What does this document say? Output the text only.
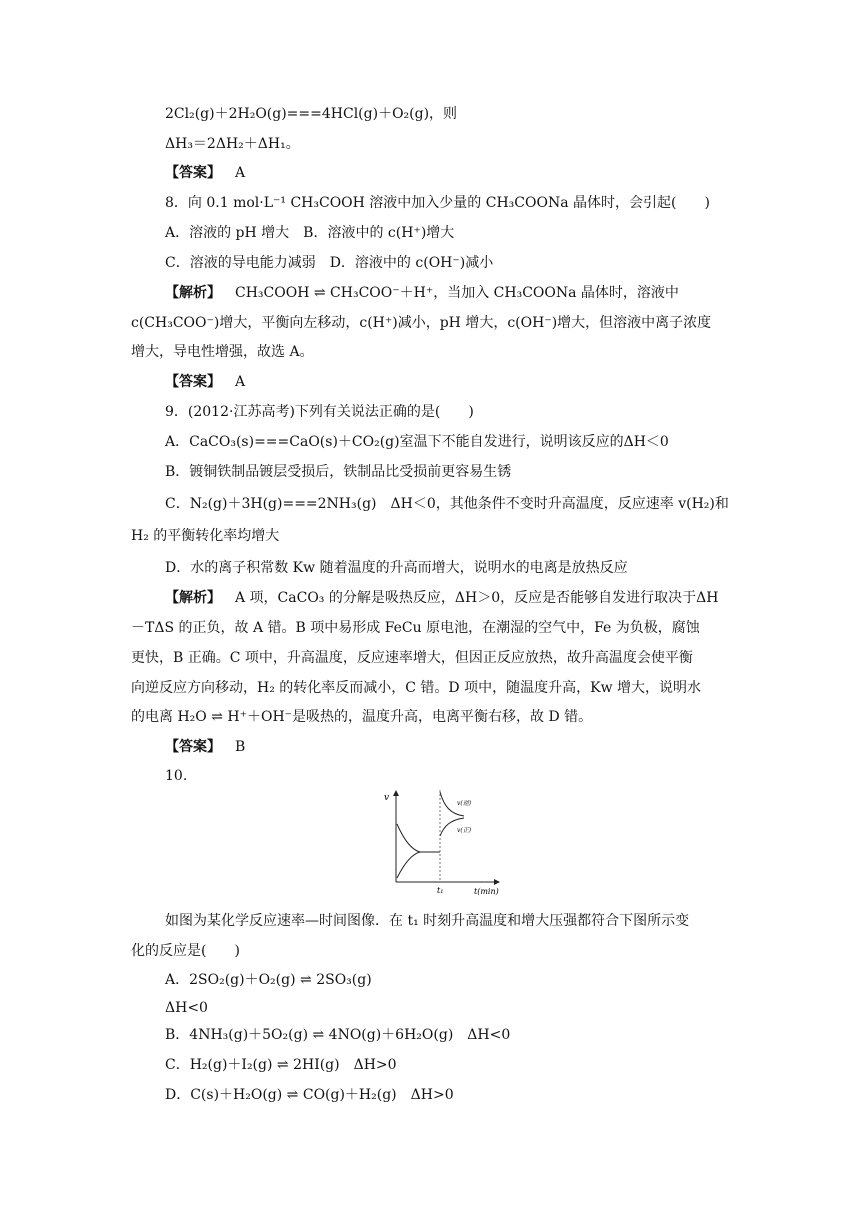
2Cl₂(g)＋2H₂O(g)===4HCl(g)＋O₂(g)，则
ΔH₃＝2ΔH₂＋ΔH₁。
【答案】 A
8．向 0.1 mol·L⁻¹ CH₃COOH 溶液中加入少量的 CH₃COONa 晶体时，会引起(　　)
A．溶液的 pH 增大　B．溶液中的 c(H⁺)增大
C．溶液的导电能力减弱　D．溶液中的 c(OH⁻)减小
【解析】 CH₃COOH ⇌ CH₃COO⁻＋H⁺，当加入 CH₃COONa 晶体时，溶液中
c(CH₃COO⁻)增大，平衡向左移动，c(H⁺)减小，pH 增大，c(OH⁻)增大，但溶液中离子浓度
增大，导电性增强，故选 A。
【答案】 A
9．(2012·江苏高考)下列有关说法正确的是(　　)
A．CaCO₃(s)===CaO(s)＋CO₂(g)室温下不能自发进行，说明该反应的ΔH＜0
B．镀铜铁制品镀层受损后，铁制品比受损前更容易生锈
C．N₂(g)＋3H(g)===2NH₃(g)　ΔH＜0，其他条件不变时升高温度，反应速率 v(H₂)和
H₂ 的平衡转化率均增大
D．水的离子积常数 Kw 随着温度的升高而增大，说明水的电离是放热反应
【解析】 A 项，CaCO₃ 的分解是吸热反应，ΔH＞0，反应是否能够自发进行取决于ΔH
－TΔS 的正负，故 A 错。B 项中易形成 FeCu 原电池，在潮湿的空气中，Fe 为负极，腐蚀
更快，B 正确。C 项中，升高温度，反应速率增大，但因正反应放热，故升高温度会使平衡
向逆反应方向移动，H₂ 的转化率反而减小，C 错。D 项中，随温度升高，Kw 增大，说明水
的电离 H₂O ⇌ H⁺＋OH⁻是吸热的，温度升高，电离平衡右移，故 D 错。
【答案】 B
10.
v
t(min)
t₁
v(逆)
v(正)
如图为某化学反应速率—时间图像．在 t₁ 时刻升高温度和增大压强都符合下图所示变
化的反应是(　　)
A．2SO₂(g)＋O₂(g) ⇌ 2SO₃(g)
ΔH<0
B．4NH₃(g)＋5O₂(g) ⇌ 4NO(g)＋6H₂O(g)　ΔH<0
C．H₂(g)＋I₂(g) ⇌ 2HI(g)　ΔH>0
D．C(s)＋H₂O(g) ⇌ CO(g)＋H₂(g)　ΔH>0
